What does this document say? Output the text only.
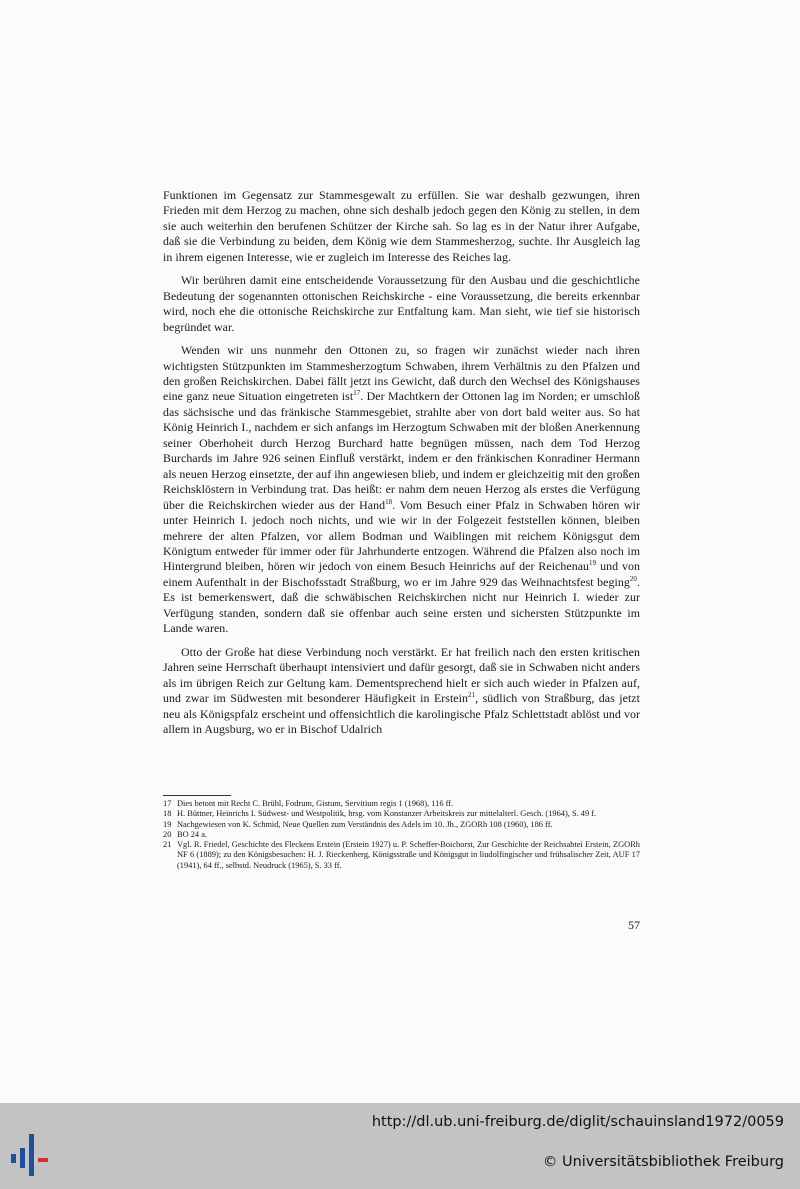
Funktionen im Gegensatz zur Stammesgewalt zu erfüllen. Sie war deshalb gezwungen, ihren Frieden mit dem Herzog zu machen, ohne sich deshalb jedoch gegen den König zu stellen, in dem sie auch weiterhin den berufenen Schützer der Kirche sah. So lag es in der Natur ihrer Aufgabe, daß sie die Verbindung zu beiden, dem König wie dem Stammesherzog, suchte. Ihr Ausgleich lag in ihrem eigenen Interesse, wie er zugleich im Interesse des Reiches lag.

Wir berühren damit eine entscheidende Voraussetzung für den Ausbau und die geschichtliche Bedeutung der sogenannten ottonischen Reichskirche - eine Voraussetzung, die bereits erkennbar wird, noch ehe die ottonische Reichskirche zur Entfaltung kam. Man sieht, wie tief sie historisch begründet war.

Wenden wir uns nunmehr den Ottonen zu, so fragen wir zunächst wieder nach ihren wichtigsten Stützpunkten im Stammesherzogtum Schwaben, ihrem Verhältnis zu den Pfalzen und den großen Reichskirchen. Dabei fällt jetzt ins Gewicht, daß durch den Wechsel des Königshauses eine ganz neue Situation eingetreten ist$^{17}$. Der Machtkern der Ottonen lag im Norden; er umschloß das sächsische und das fränkische Stammesgebiet, strahlte aber von dort bald weiter aus. So hat König Heinrich I., nachdem er sich anfangs im Herzogtum Schwaben mit der bloßen Anerkennung seiner Oberhoheit durch Herzog Burchard hatte begnügen müssen, nach dem Tod Herzog Burchards im Jahre 926 seinen Einfluß verstärkt, indem er den fränkischen Konradiner Hermann als neuen Herzog einsetzte, der auf ihn angewiesen blieb, und indem er gleichzeitig mit den großen Reichsklöstern in Verbindung trat. Das heißt: er nahm dem neuen Herzog als erstes die Verfügung über die Reichskirchen wieder aus der Hand$^{18}$. Vom Besuch einer Pfalz in Schwaben hören wir unter Heinrich I. jedoch noch nichts, und wie wir in der Folgezeit feststellen können, bleiben mehrere der alten Pfalzen, vor allem Bodman und Waiblingen mit reichem Königsgut dem Königtum entweder für immer oder für Jahrhunderte entzogen. Während die Pfalzen also noch im Hintergrund bleiben, hören wir jedoch von einem Besuch Heinrichs auf der Reichenau$^{19}$ und von einem Aufenthalt in der Bischofsstadt Straßburg, wo er im Jahre 929 das Weihnachtsfest beging$^{20}$. Es ist bemerkenswert, daß die schwäbischen Reichskirchen nicht nur Heinrich I. wieder zur Verfügung standen, sondern daß sie offenbar auch seine ersten und sichersten Stützpunkte im Lande waren.

Otto der Große hat diese Verbindung noch verstärkt. Er hat freilich nach den ersten kritischen Jahren seine Herrschaft überhaupt intensiviert und dafür gesorgt, daß sie in Schwaben nicht anders als im übrigen Reich zur Geltung kam. Dementsprechend hielt er sich auch wieder in Pfalzen auf, und zwar im Südwesten mit besonderer Häufigkeit in Erstein$^{21}$, südlich von Straßburg, das jetzt neu als Königspfalz erscheint und offensichtlich die karolingische Pfalz Schlettstadt ablöst und vor allem in Augsburg, wo er in Bischof Udalrich

17 Dies betont mit Recht C. Brühl, Fodrum, Gistum, Servitium regis 1 (1968), 116 ff.
18 H. Büttner, Heinrichs I. Südwest- und Westpolitik, hrsg. vom Konstanzer Arbeitskreis zur mittelalterl. Gesch. (1964), S. 49 f.
19 Nachgewiesen von K. Schmid, Neue Quellen zum Verständnis des Adels im 10. Jh., ZGORh 108 (1960), 186 ff.
20 BO 24 a.
21 Vgl. R. Friedel, Geschichte des Fleckens Erstein (Erstein 1927) u. P. Scheffer-Boichorst, Zur Geschichte der Reichsabtei Erstein, ZGORh NF 6 (1889); zu den Königsbesuchen: H. J. Rieckenberg, Königsstraße und Königsgut in liudolfingischer und frühsalischer Zeit, AUF 17 (1941), 64 ff., selbstd. Neudruck (1965), S. 33 ff.
57
http://dl.ub.uni-freiburg.de/diglit/schauinsland1972/0059
© Universitätsbibliothek Freiburg
